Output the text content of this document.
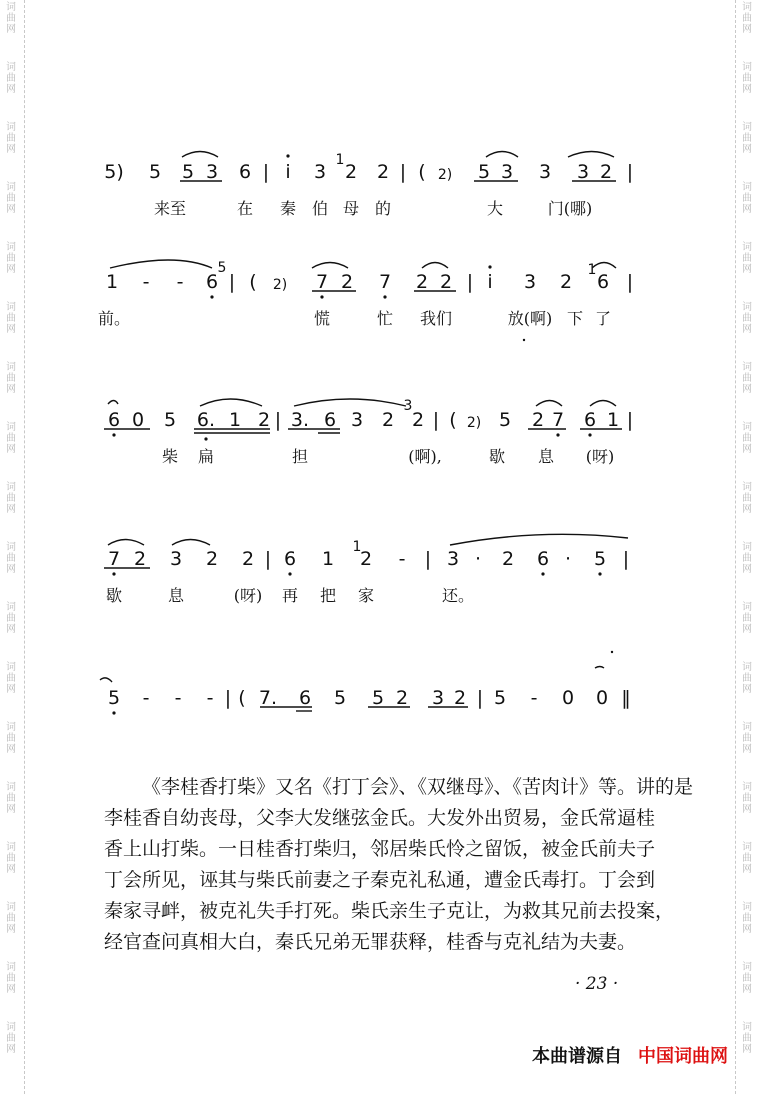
词
曲
网
词
曲
网
词
曲
网
词
曲
网
词
曲
网
词
曲
网
词
曲
网
词
曲
网
词
曲
网
词
曲
网
词
曲
网
词
曲
网
词
曲
网
词
曲
网
词
曲
网
词
曲
网
词
曲
网
词
曲
网
词
曲
网
词
曲
网
词
曲
网
词
曲
网
词
曲
网
词
曲
网
词
曲
网
词
曲
网
词
曲
网
词
曲
网
词
曲
网
词
曲
网
词
曲
网
词
曲
网
词
曲
网
词
曲
网
词
曲
网
词
曲
网
5) 5 5 3 6 | i 3
1
2 2 | ( 2) 5 3 3 3 2 |
来至	在 秦 伯 母 的	大	门(哪)
1 - - 6
5
| ( 2) 7 2 7 2 2 | i 3 2
1
6 |
前。	慌	忙 我们	放(啊) 下 了
6 0 5 6. 1 2 | 3. 6 3 2
3
2 | ( 2) 5 2 7 6 1 |
柴 扁	担	(啊),	歇 息 (呀)
7 2 3 2 2 | 6 1
1
2 - | 3 · 2 6 · 5 |
歇	息	(呀) 再 把 家	还。
5 - - - | ( 7. 6 5 5 2 3 2 | 5 - 0 0 ‖

《李桂香打柴》又名《打丁会》、《双继母》、《苦肉计》等。讲的是

李桂香自幼丧母，父李大发继弦金氏。大发外出贸易，金氏常逼桂

香上山打柴。一日桂香打柴归，邻居柴氏怜之留饭，被金氏前夫子

丁会所见，诬其与柴氏前妻之子秦克礼私通，遭金氏毒打。丁会到

秦家寻衅，被克礼失手打死。柴氏亲生子克让，为救其兄前去投案，

经官查问真相大白，秦氏兄弟无罪获释，桂香与克礼结为夫妻。

· 23 ·
本曲谱源自 中国词曲网
